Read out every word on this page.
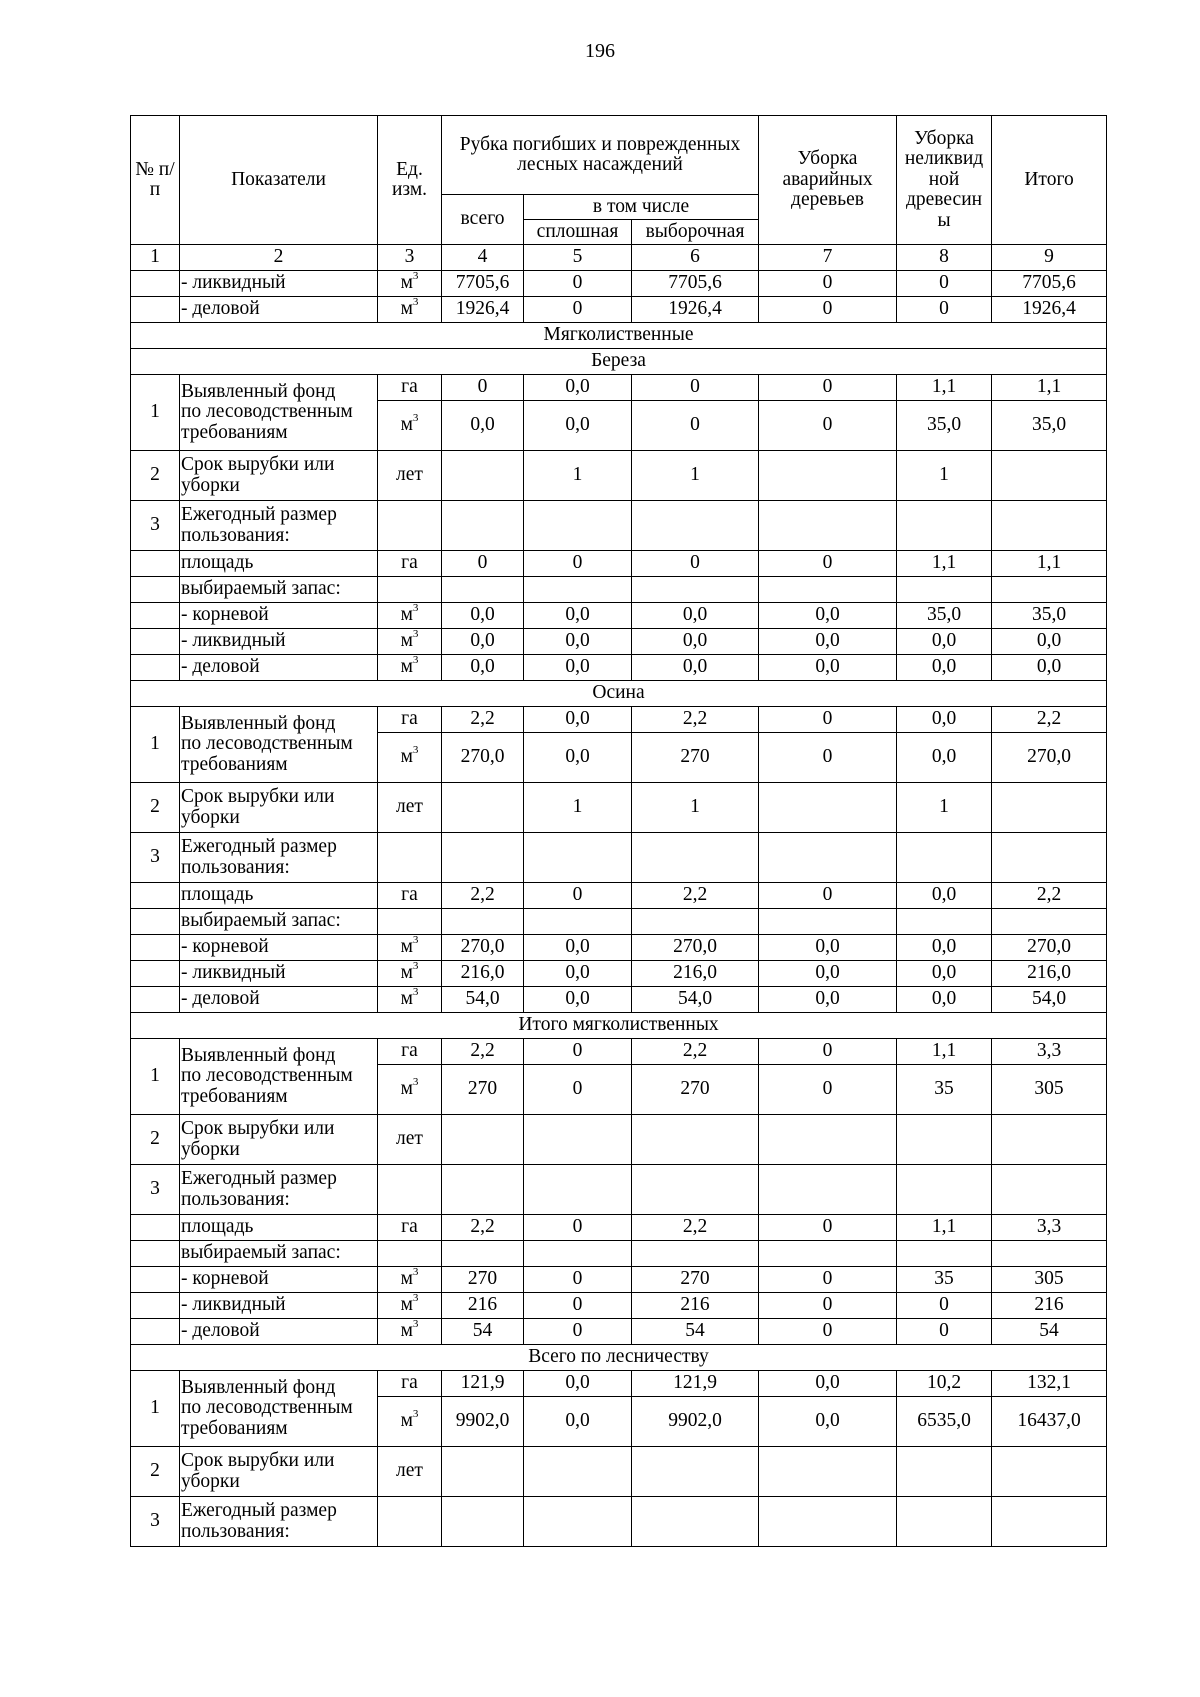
196
№ п/п	Показатели	Ед. изм.	Рубка погибших и поврежденных лесных насаждений			Уборка аварийных деревьев	Уборка неликвид ной древесин ы	Итого
			всего	в том числе				
				сплошная	выборочная			
1	2	3	4	5	6	7	8	9
	- ликвидный	$м^3$	7705,6	0	7705,6	0	0	7705,6
	- деловой	$м^3$	1926,4	0	1926,4	0	0	1926,4
Мягколиственные								
Береза								
1	Выявленный фонд
по лесоводственным
требованиям	га	0	0,0	0	0	1,1	1,1
		$м^3$	0,0	0,0	0	0	35,0	35,0
2	Срок вырубки или
уборки	лет		1	1		1	
3	Ежегодный размер
пользования:							
	площадь	га	0	0	0	0	1,1	1,1
	выбираемый запас:							
	- корневой	$м^3$	0,0	0,0	0,0	0,0	35,0	35,0
	- ликвидный	$м^3$	0,0	0,0	0,0	0,0	0,0	0,0
	- деловой	$м^3$	0,0	0,0	0,0	0,0	0,0	0,0
Осина								
1	Выявленный фонд
по лесоводственным
требованиям	га	2,2	0,0	2,2	0	0,0	2,2
		$м^3$	270,0	0,0	270	0	0,0	270,0
2	Срок вырубки или
уборки	лет		1	1		1	
3	Ежегодный размер
пользования:							
	площадь	га	2,2	0	2,2	0	0,0	2,2
	выбираемый запас:							
	- корневой	$м^3$	270,0	0,0	270,0	0,0	0,0	270,0
	- ликвидный	$м^3$	216,0	0,0	216,0	0,0	0,0	216,0
	- деловой	$м^3$	54,0	0,0	54,0	0,0	0,0	54,0
Итого мягколиственных								
1	Выявленный фонд
по лесоводственным
требованиям	га	2,2	0	2,2	0	1,1	3,3
		$м^3$	270	0	270	0	35	305
2	Срок вырубки или
уборки	лет						
3	Ежегодный размер
пользования:							
	площадь	га	2,2	0	2,2	0	1,1	3,3
	выбираемый запас:							
	- корневой	$м^3$	270	0	270	0	35	305
	- ликвидный	$м^3$	216	0	216	0	0	216
	- деловой	$м^3$	54	0	54	0	0	54
Всего по лесничеству								
1	Выявленный фонд
по лесоводственным
требованиям	га	121,9	0,0	121,9	0,0	10,2	132,1
		$м^3$	9902,0	0,0	9902,0	0,0	6535,0	16437,0
2	Срок вырубки или
уборки	лет						
3	Ежегодный размер
пользования:							
